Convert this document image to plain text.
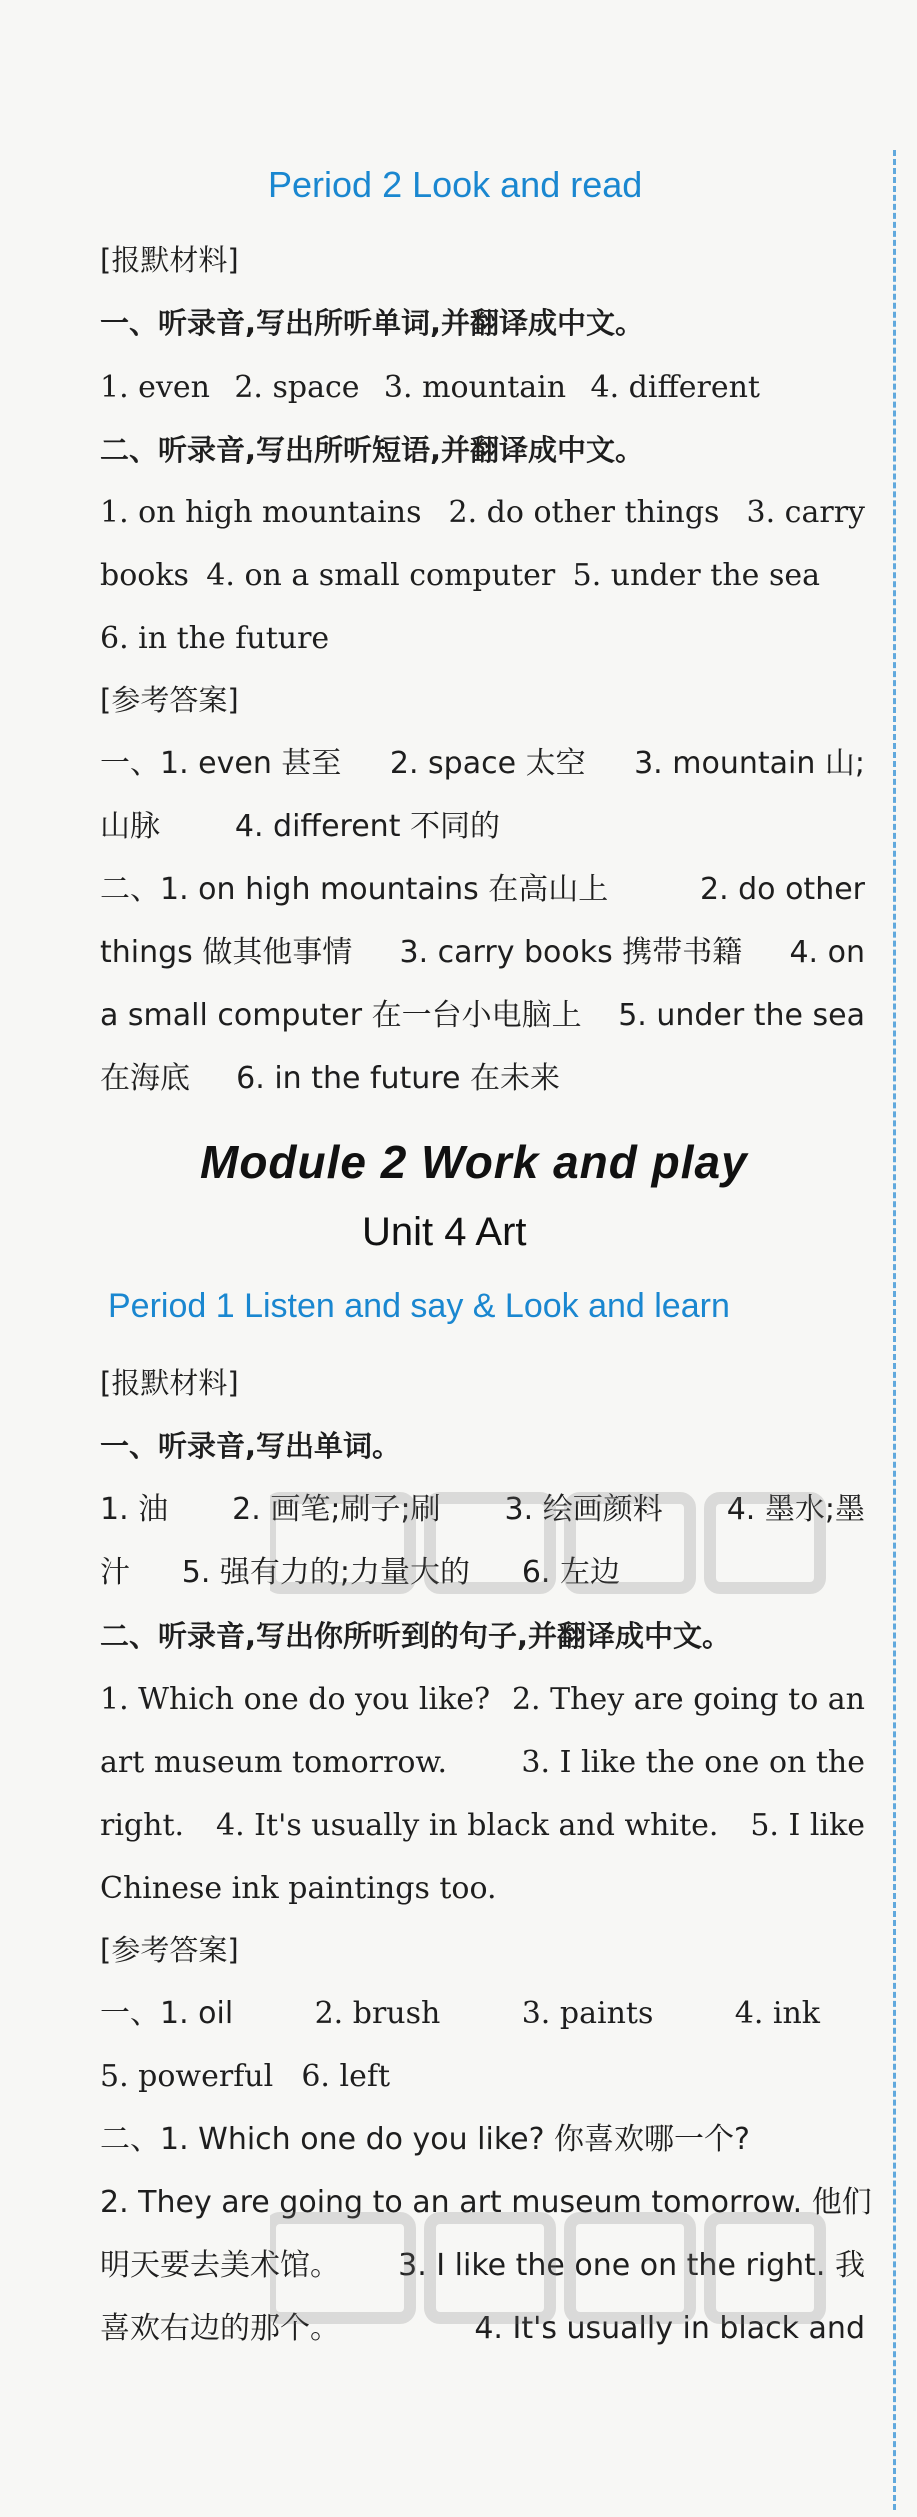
Period 2 Look and read
[报默材料]
一、听录音,写出所听单词,并翻译成中文。
1. even 2. space 3. mountain 4. different
二、听录音,写出所听短语,并翻译成中文。
1. on high mountains 2. do other things 3. carry
books 4. on a small computer 5. under the sea
6. in the future
[参考答案]
一、1. even 甚至 2. space 太空 3. mountain 山;
山脉 4. different 不同的
二、1. on high mountains 在高山上	2. do other
things 做其他事情 3. carry books 携带书籍 4. on
a small computer 在一台小电脑上 5. under the sea
在海底 6. in the future 在未来
Module 2 Work and play
Unit 4 Art
Period 1 Listen and say & Look and learn
[报默材料]
一、听录音,写出单词。
1. 油 2. 画笔;刷子;刷 3. 绘画颜料 4. 墨水;墨
汁 5. 强有力的;力量大的 6. 左边
二、听录音,写出你所听到的句子,并翻译成中文。
1. Which one do you like? 2. They are going to an
art museum tomorrow. 3. I like the one on the
right. 4. It's usually in black and white. 5. I like
Chinese ink paintings too.
[参考答案]
一、1. oil	2. brush	3. paints	4. ink
5. powerful 6. left
二、1. Which one do you like? 你喜欢哪一个?
2. They are going to an art museum tomorrow. 他们
明天要去美术馆。 3. I like the one on the right. 我
喜欢右边的那个。	4. It's usually in black and
